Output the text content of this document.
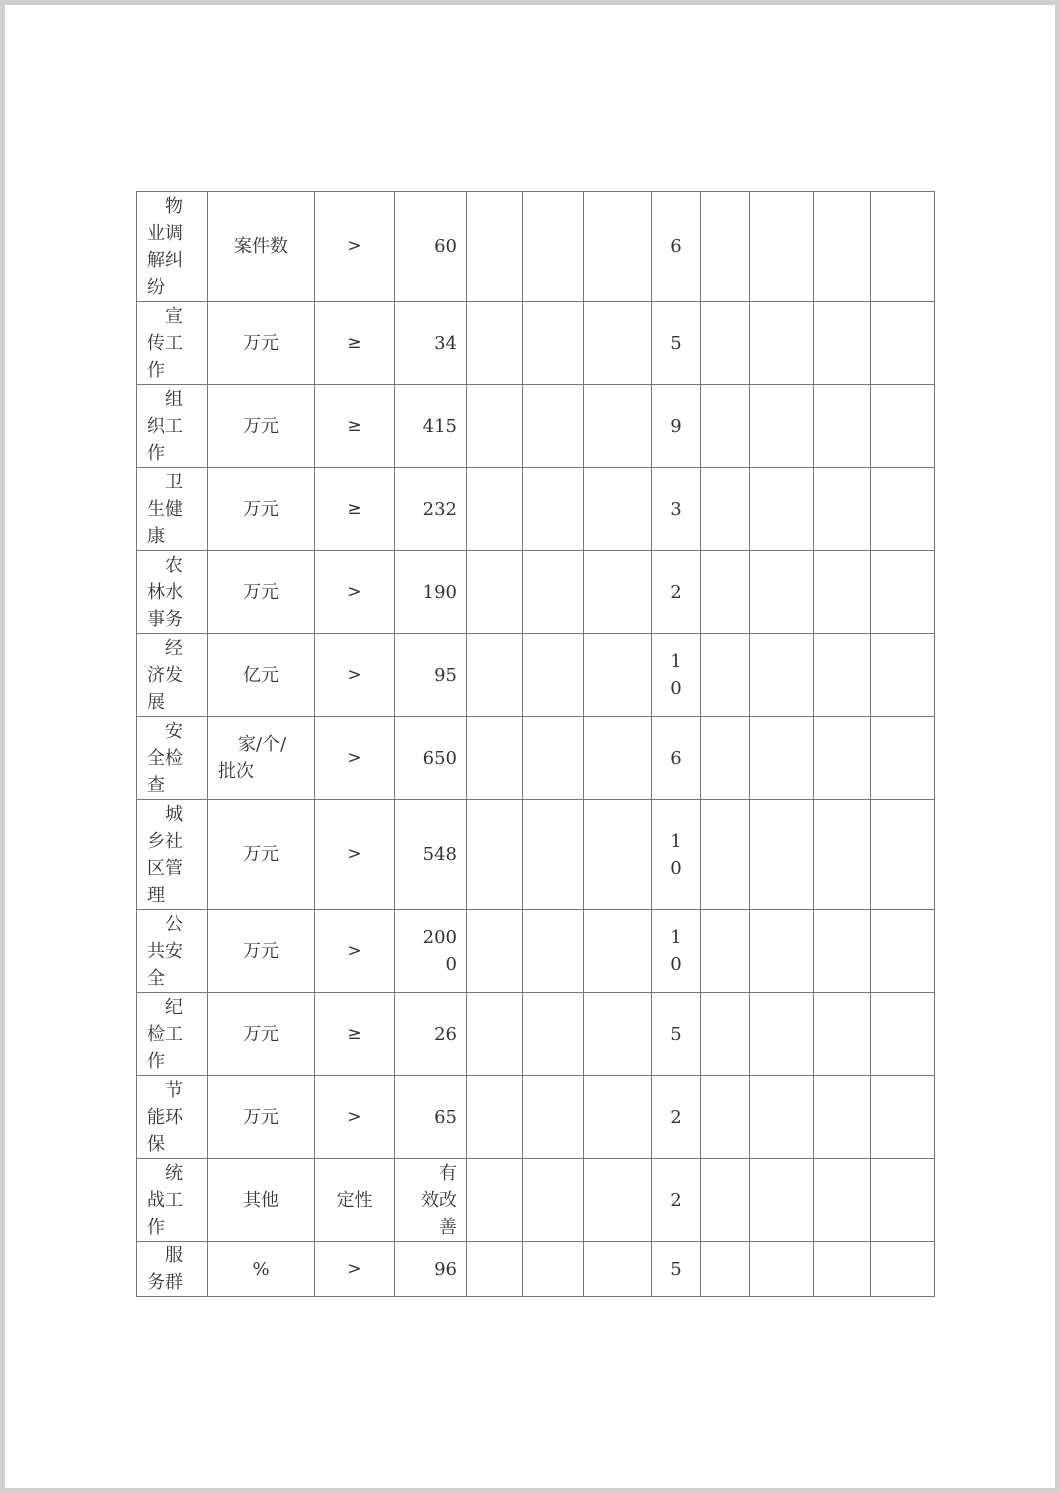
物
业调
解纠
纷	案件数	>	60				6				

宣
传工
作	万元	≥	34				5				

组
织工
作	万元	≥	415				9				

卫
生健
康	万元	≥	232				3				

农
林水
事务	万元	>	190				2				

经
济发
展	亿元	>	95				1
0				

安
全检
查	家/个/
批次	>	650				6				

城
乡社
区管
理	万元	>	548				1
0				

公
共安
全	万元	>	200
0				1
0				

纪
检工
作	万元	≥	26				5				

节
能环
保	万元	>	65				2				

统
战工
作	其他	定性	有
效改
善				2				

服
务群	%	>	96				5				
